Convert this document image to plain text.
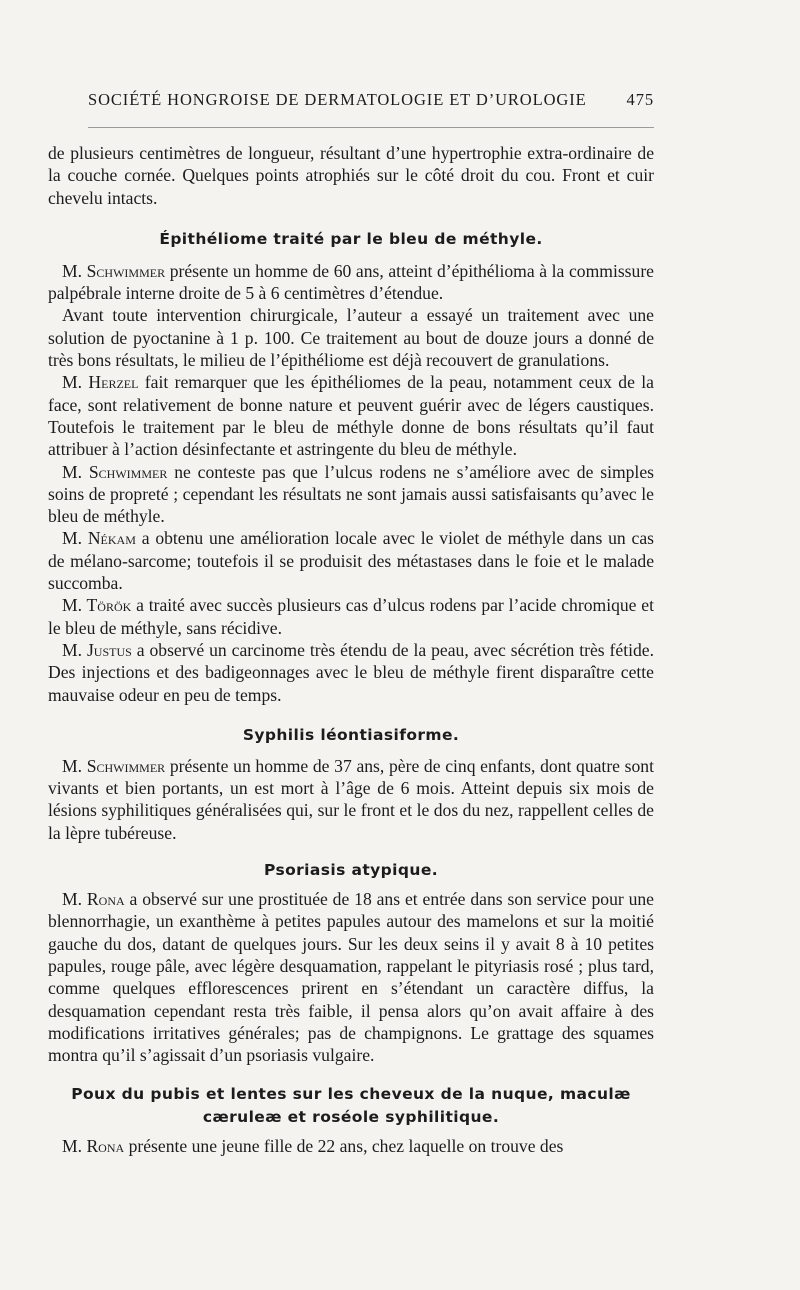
SOCIÉTÉ HONGROISE DE DERMATOLOGIE ET D’UROLOGIE 475

de plusieurs centimètres de longueur, résultant d’une hypertrophie extra-ordinaire de la couche cornée. Quelques points atrophiés sur le côté droit du cou. Front et cuir chevelu intacts.

Épithéliome traité par le bleu de méthyle.

M. Schwimmer présente un homme de 60 ans, atteint d’épithélioma à la commissure palpébrale interne droite de 5 à 6 centimètres d’étendue.

Avant toute intervention chirurgicale, l’auteur a essayé un traitement avec une solution de pyoctanine à 1 p. 100. Ce traitement au bout de douze jours a donné de très bons résultats, le milieu de l’épithéliome est déjà recouvert de granulations.

M. Herzel fait remarquer que les épithéliomes de la peau, notamment ceux de la face, sont relativement de bonne nature et peuvent guérir avec de légers caustiques. Toutefois le traitement par le bleu de méthyle donne de bons résultats qu’il faut attribuer à l’action désinfectante et astringente du bleu de méthyle.

M. Schwimmer ne conteste pas que l’ulcus rodens ne s’améliore avec de simples soins de propreté ; cependant les résultats ne sont jamais aussi satisfaisants qu’avec le bleu de méthyle.

M. Nékam a obtenu une amélioration locale avec le violet de méthyle dans un cas de mélano-sarcome; toutefois il se produisit des métastases dans le foie et le malade succomba.

M. Török a traité avec succès plusieurs cas d’ulcus rodens par l’acide chromique et le bleu de méthyle, sans récidive.

M. Justus a observé un carcinome très étendu de la peau, avec sécrétion très fétide. Des injections et des badigeonnages avec le bleu de méthyle firent disparaître cette mauvaise odeur en peu de temps.

Syphilis léontiasiforme.

M. Schwimmer présente un homme de 37 ans, père de cinq enfants, dont quatre sont vivants et bien portants, un est mort à l’âge de 6 mois. Atteint depuis six mois de lésions syphilitiques généralisées qui, sur le front et le dos du nez, rappellent celles de la lèpre tubéreuse.

Psoriasis atypique.

M. Rona a observé sur une prostituée de 18 ans et entrée dans son service pour une blennorrhagie, un exanthème à petites papules autour des mamelons et sur la moitié gauche du dos, datant de quelques jours. Sur les deux seins il y avait 8 à 10 petites papules, rouge pâle, avec légère desquamation, rappelant le pityriasis rosé ; plus tard, comme quelques efflorescences prirent en s’étendant un caractère diffus, la desquamation cependant resta très faible, il pensa alors qu’on avait affaire à des modifications irritatives générales; pas de champignons. Le grattage des squames montra qu’il s’agissait d’un psoriasis vulgaire.

Poux du pubis et lentes sur les cheveux de la nuque, maculæ
cæruleæ et roséole syphilitique.

M. Rona présente une jeune fille de 22 ans, chez laquelle on trouve des
